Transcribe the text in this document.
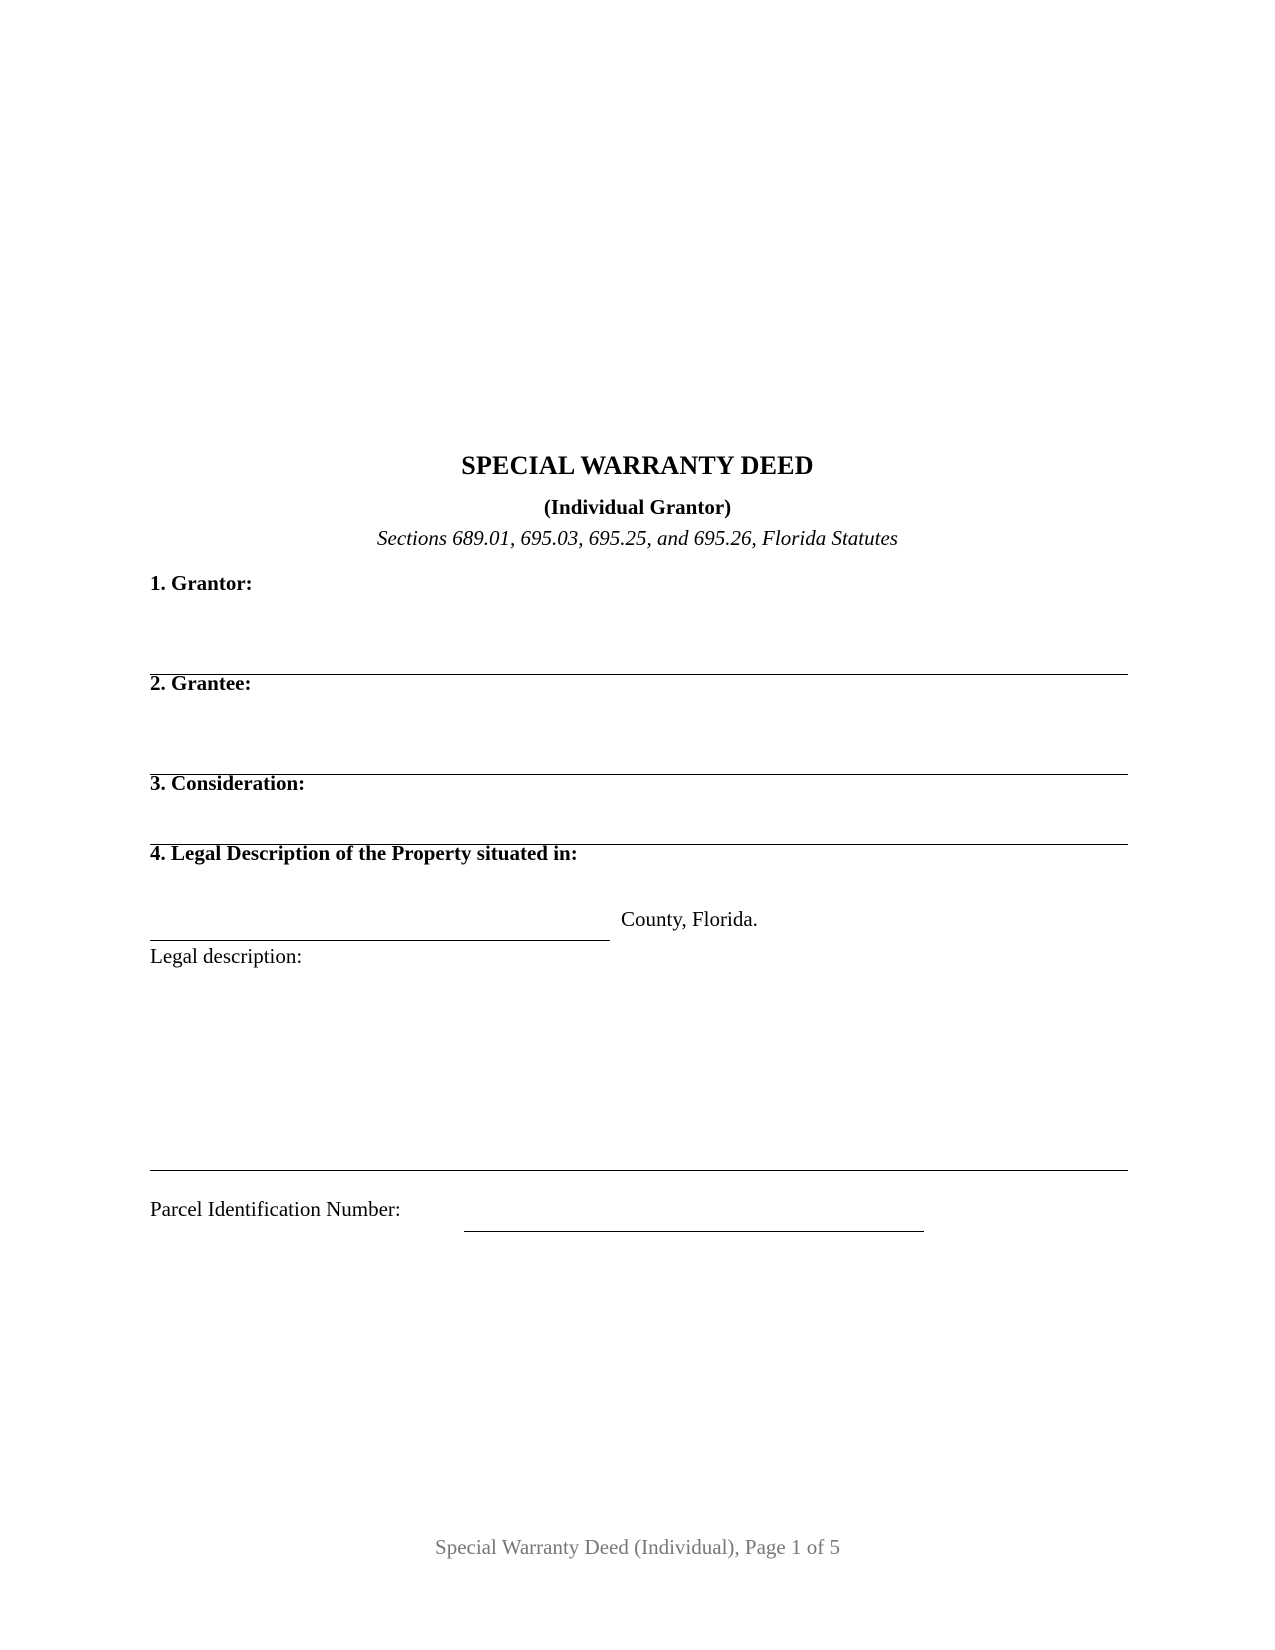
SPECIAL WARRANTY DEED
(Individual Grantor)
Sections 689.01, 695.03, 695.25, and 695.26, Florida Statutes
1. Grantor:
2. Grantee:
3. Consideration:
4. Legal Description of the Property situated in:
County, Florida.
Legal description:
Parcel Identification Number:
Special Warranty Deed (Individual), Page 1 of 5
